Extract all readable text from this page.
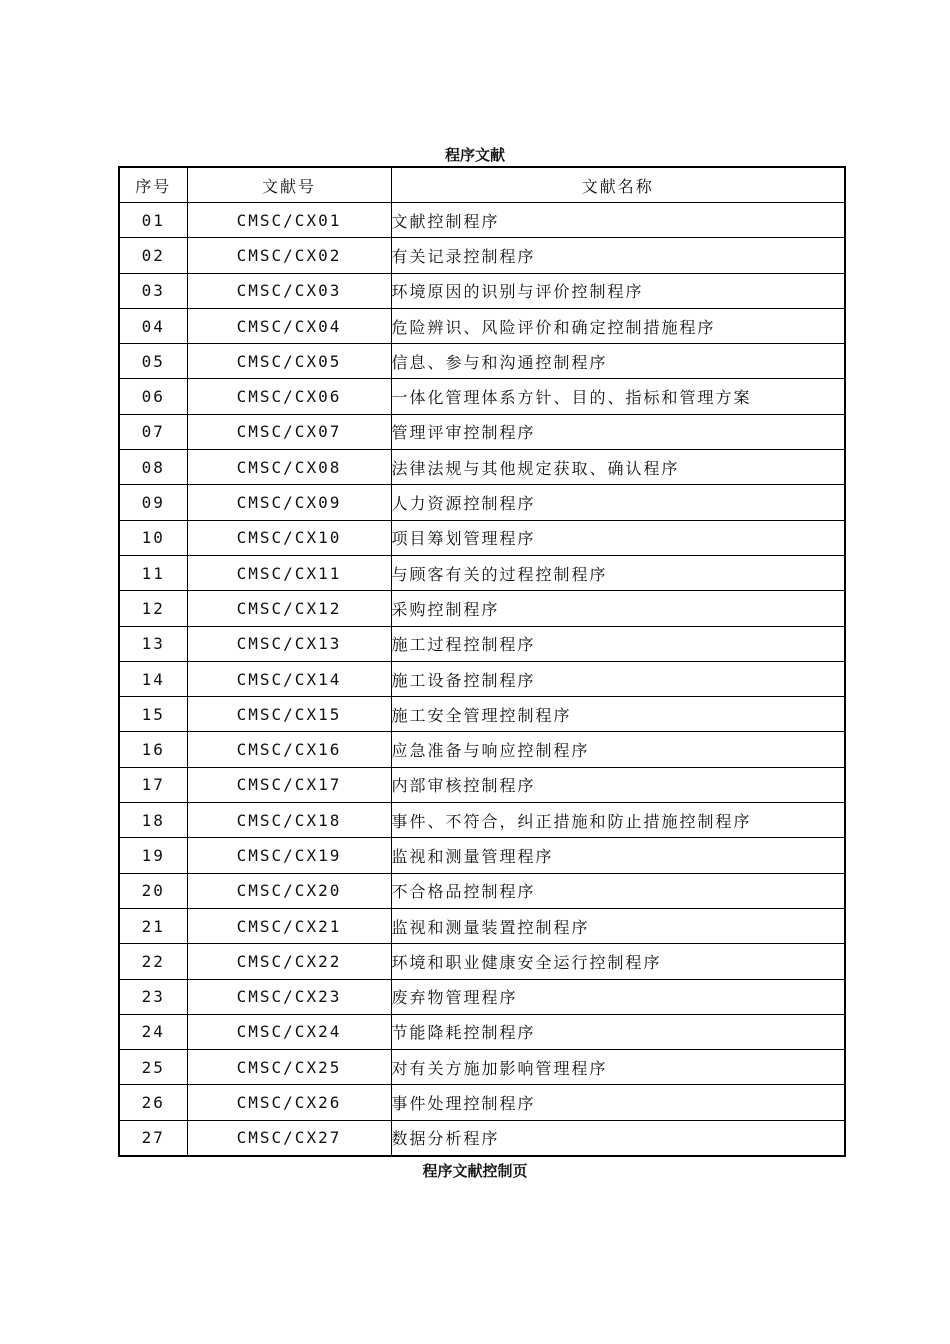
程序文献
序号	文献号	文献名称
01	CMSC/CX01	文献控制程序
02	CMSC/CX02	有关记录控制程序
03	CMSC/CX03	环境原因的识别与评价控制程序
04	CMSC/CX04	危险辨识、风险评价和确定控制措施程序
05	CMSC/CX05	信息、参与和沟通控制程序
06	CMSC/CX06	一体化管理体系方针、目的、指标和管理方案
07	CMSC/CX07	管理评审控制程序
08	CMSC/CX08	法律法规与其他规定获取、确认程序
09	CMSC/CX09	人力资源控制程序
10	CMSC/CX10	项目筹划管理程序
11	CMSC/CX11	与顾客有关的过程控制程序
12	CMSC/CX12	采购控制程序
13	CMSC/CX13	施工过程控制程序
14	CMSC/CX14	施工设备控制程序
15	CMSC/CX15	施工安全管理控制程序
16	CMSC/CX16	应急准备与响应控制程序
17	CMSC/CX17	内部审核控制程序
18	CMSC/CX18	事件、不符合，纠正措施和防止措施控制程序
19	CMSC/CX19	监视和测量管理程序
20	CMSC/CX20	不合格品控制程序
21	CMSC/CX21	监视和测量装置控制程序
22	CMSC/CX22	环境和职业健康安全运行控制程序
23	CMSC/CX23	废弃物管理程序
24	CMSC/CX24	节能降耗控制程序
25	CMSC/CX25	对有关方施加影响管理程序
26	CMSC/CX26	事件处理控制程序
27	CMSC/CX27	数据分析程序
程序文献控制页
